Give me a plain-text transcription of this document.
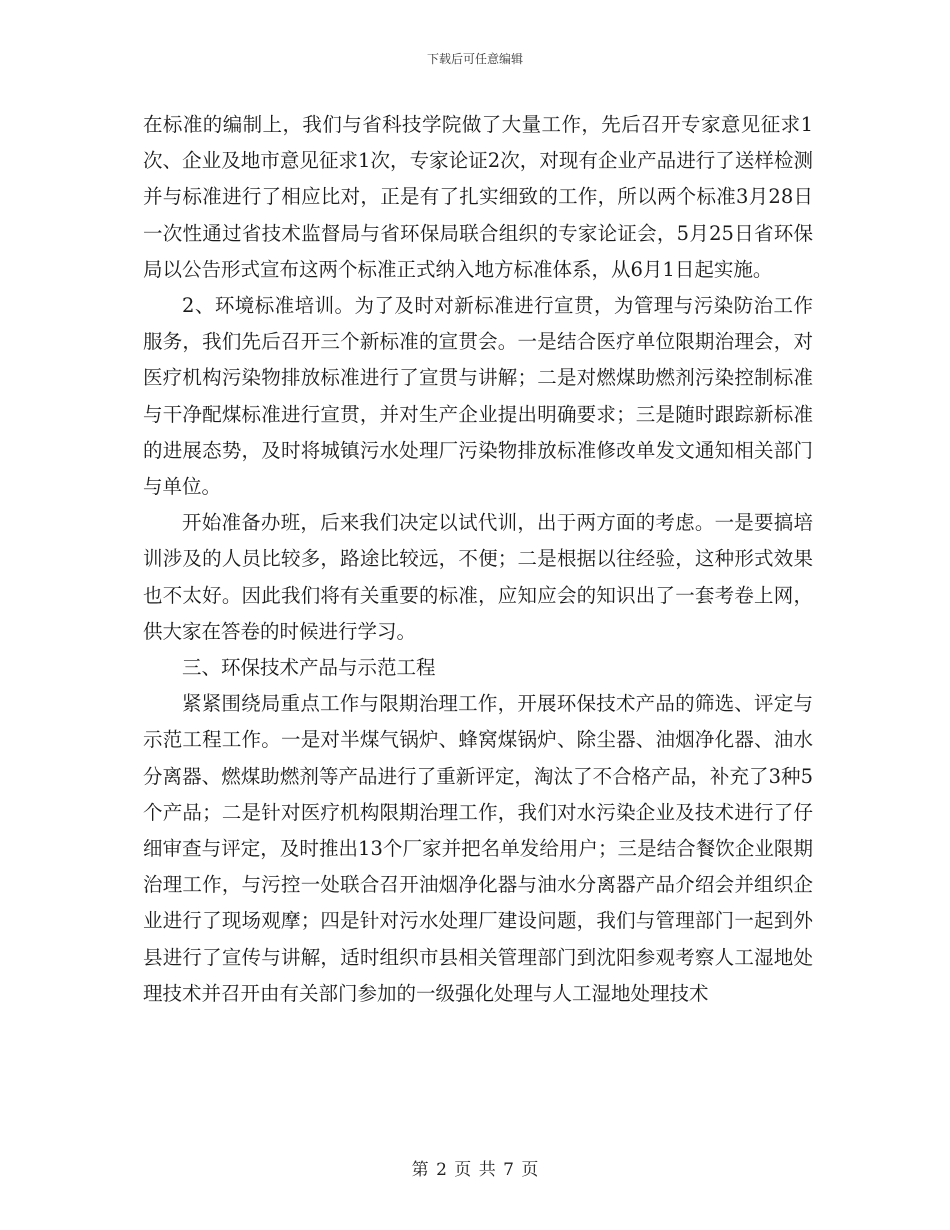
下载后可任意编辑

在标准的编制上，我们与省科技学院做了大量工作，先后召开专家意见征求1次、企业及地市意见征求1次，专家论证2次，对现有企业产品进行了送样检测并与标准进行了相应比对，正是有了扎实细致的工作，所以两个标准3月28日一次性通过省技术监督局与省环保局联合组织的专家论证会，5月25日省环保局以公告形式宣布这两个标准正式纳入地方标准体系，从6月1日起实施。

2、环境标准培训。为了及时对新标准进行宣贯，为管理与污染防治工作服务，我们先后召开三个新标准的宣贯会。一是结合医疗单位限期治理会，对医疗机构污染物排放标准进行了宣贯与讲解；二是对燃煤助燃剂污染控制标准与干净配煤标准进行宣贯，并对生产企业提出明确要求；三是随时跟踪新标准的进展态势，及时将城镇污水处理厂污染物排放标准修改单发文通知相关部门与单位。

开始准备办班，后来我们决定以试代训，出于两方面的考虑。一是要搞培训涉及的人员比较多，路途比较远，不便；二是根据以往经验，这种形式效果也不太好。因此我们将有关重要的标准，应知应会的知识出了一套考卷上网，供大家在答卷的时候进行学习。

三、环保技术产品与示范工程

紧紧围绕局重点工作与限期治理工作，开展环保技术产品的筛选、评定与示范工程工作。一是对半煤气锅炉、蜂窝煤锅炉、除尘器、油烟净化器、油水分离器、燃煤助燃剂等产品进行了重新评定，淘汰了不合格产品，补充了3种5个产品；二是针对医疗机构限期治理工作，我们对水污染企业及技术进行了仔细审查与评定，及时推出13个厂家并把名单发给用户；三是结合餐饮企业限期治理工作，与污控一处联合召开油烟净化器与油水分离器产品介绍会并组织企业进行了现场观摩；四是针对污水处理厂建设问题，我们与管理部门一起到外县进行了宣传与讲解，适时组织市县相关管理部门到沈阳参观考察人工湿地处理技术并召开由有关部门参加的一级强化处理与人工湿地处理技术

第 2 页 共 7 页
